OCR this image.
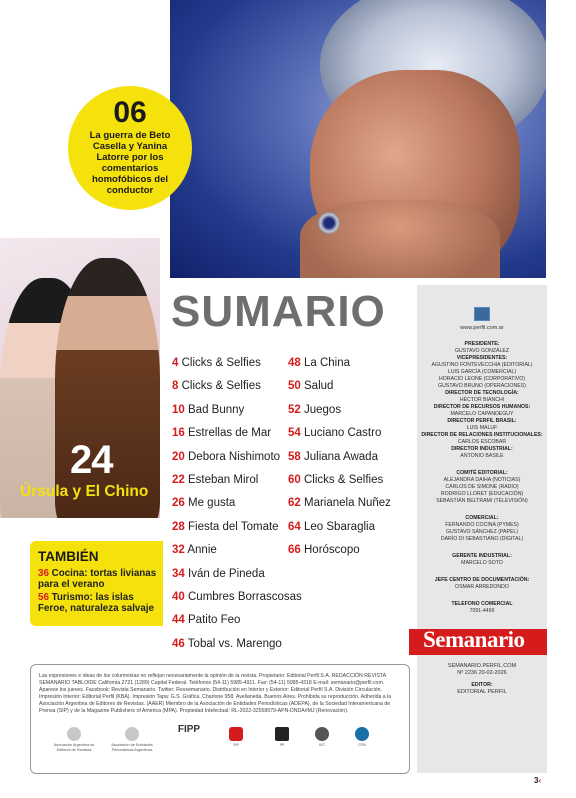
06
La guerra de Beto Casella y Yanina Latorre por los comentarios homofóbicos del conductor
24
Úrsula y El Chino
SUMARIO
4 Clicks & Selfies
8 Clicks & Selfies
10 Bad Bunny
16 Estrellas de Mar
20 Debora Nishimoto
22 Esteban Mirol
26 Me gusta
28 Fiesta del Tomate
32 Annie
34 Iván de Pineda
40 Cumbres Borrascosas
44 Patito Feo
46 Tobal vs. Marengo
48 La China
50 Salud
52 Juegos
54 Luciano Castro
58 Juliana Awada
60 Clicks & Selfies
62 Marianela Nuñez
64 Leo Sbaraglia
66 Horóscopo
TAMBIÉN
36 Cocina: tortas livianas para el verano
56 Turismo: las islas Feroe, naturaleza salvaje
www.perfil.com.ar
PRESIDENTE:
GUSTAVO GONZÁLEZ
VICEPRESIDENTES:
AGUSTINO FONTEVECCHIA (EDITORIAL)
LUIS GARCÍA (COMERCIAL)
HORACIO LEONE (CORPORATIVO)
GUSTAVO BRUNO (OPERACIONES)
DIRECTOR DE TECNOLOGÍA:
HÉCTOR BIANCHI
DIRECTOR DE RECURSOS HUMANOS:
MARCELO CAPANDEGUY
DIRECTOR PERFIL BRASIL:
LUIS MALUF
DIRECTOR DE RELACIONES INSTITUCIONALES:
CARLOS ESCOBAR
DIRECTOR INDUSTRIAL:
ANTONIO BASILE
COMITÉ EDITORIAL:
ALEJANDRA DAIHA (NOTICIAS)
CARLOS DE SIMONE (RADIO)
RODRIGO LLORET (EDUCACIÓN)
SEBASTIÁN BELTRAMI (TELEVISIÓN)
COMERCIAL:
FERNANDO COCINA (PYMES)
GUSTAVO SÁNCHEZ (PAPEL)
DARÍO DI SEBASTIANO (DIGITAL)
GERENTE INDUSTRIAL:
MARCELO SOTO
JEFE CENTRO DE DOCUMENTACIÓN:
OSMAR ARREDONDO
TELEFONO COMERCIAL
7091-4499
Semanario
SEMANARIO.PERFIL.COM
Nº 2236 20-02-2026
EDITOR:
EDITORIAL PERFIL

Las expresiones e ideas de los columnistas no reflejan necesariamente la opinión de la revista. Propietario: Editorial Perfil S.A. REDACCIÓN REVISTA SEMANARIO TABLOIDE California 2721 (1289) Capital Federal. Teléfonos (54-11) 5985-4911. Fax: (54-11) 5985-4318 E-mail: semanario@perfil.com. Aparece los jueves. Facebook: Revista Semanario. Twitter: Revsemanario. Distribución en Interior y Exterior: Editorial Perfil S.A. División Circulación. Impresión Interior: Editorial Perfil (KBA). Impresión Tapa: G.S. Gráfica. Charlone 958. Avellaneda. Buenos Aires. Prohibida su reproducción. Adherida a la Asociación Argentina de Editores de Revistas. (AAER) Miembro de la Asociación de Entidades Periodísticas (ADEPA), de la Sociedad Interamericana de Prensa (SIP) y de la Magazine Publishers of America (MPA). Propiedad Intelectual: RL-2022-32558979-APN-DNDA#MJ (Renovación).

Asociación Argentina de Editores de Revistas
Asociación de Entidades Periodísticas Argentinas
FIPP
SIP	IPI	IVC	CPA
3‹
